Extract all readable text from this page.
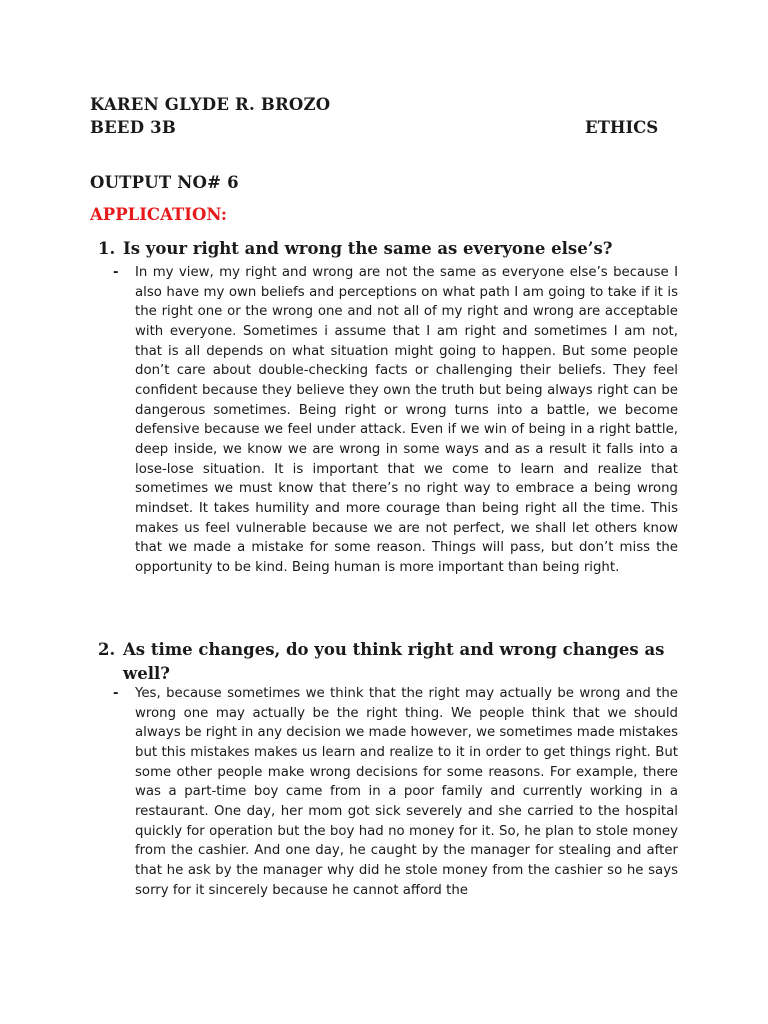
KAREN GLYDE R. BROZO
BEED 3B	ETHICS
OUTPUT NO# 6
APPLICATION:
1. Is your right and wrong the same as everyone else’s?
-	In my view, my right and wrong are not the same as everyone else’s because I also have my own beliefs and perceptions on what path I am going to take if it is the right one or the wrong one and not all of my right and wrong are acceptable with everyone. Sometimes i assume that I am right and sometimes I am not, that is all depends on what situation might going to happen. But some people don’t care about double-checking facts or challenging their beliefs. They feel confident because they believe they own the truth but being always right can be dangerous sometimes. Being right or wrong turns into a battle, we become defensive because we feel under attack. Even if we win of being in a right battle, deep inside, we know we are wrong in some ways and as a result it falls into a lose-lose situation. It is important that we come to learn and realize that sometimes we must know that there’s no right way to embrace a being wrong mindset. It takes humility and more courage than being right all the time. This makes us feel vulnerable because we are not perfect, we shall let others know that we made a mistake for some reason. Things will pass, but don’t miss the opportunity to be kind. Being human is more important than being right.
2. As time changes, do you think right and wrong changes as well?
-	Yes, because sometimes we think that the right may actually be wrong and the wrong one may actually be the right thing. We people think that we should always be right in any decision we made however, we sometimes made mistakes but this mistakes makes us learn and realize to it in order to get things right. But some other people make wrong decisions for some reasons. For example, there was a part-time boy came from in a poor family and currently working in a restaurant. One day, her mom got sick severely and she carried to the hospital quickly for operation but the boy had no money for it. So, he plan to stole money from the cashier. And one day, he caught by the manager for stealing and after that he ask by the manager why did he stole money from the cashier so he says sorry for it sincerely because he cannot afford the
